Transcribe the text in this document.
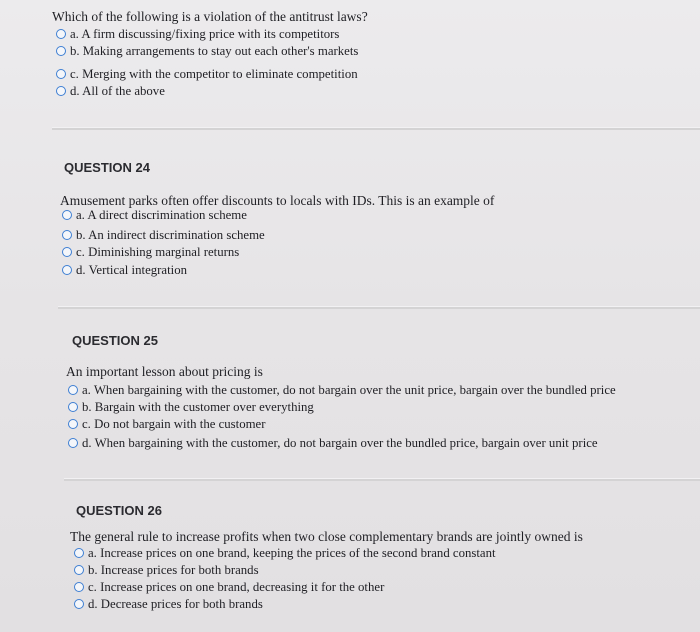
Which of the following is a violation of the antitrust laws?
a. A firm discussing/fixing price with its competitors
b. Making arrangements to stay out each other's markets
c. Merging with the competitor to eliminate competition
d. All of the above
QUESTION 24
Amusement parks often offer discounts to locals with IDs. This is an example of
a. A direct discrimination scheme
b. An indirect discrimination scheme
c. Diminishing marginal returns
d. Vertical integration
QUESTION 25
An important lesson about pricing is
a. When bargaining with the customer, do not bargain over the unit price, bargain over the bundled price
b. Bargain with the customer over everything
c. Do not bargain with the customer
d. When bargaining with the customer, do not bargain over the bundled price, bargain over unit price
QUESTION 26
The general rule to increase profits when two close complementary brands are jointly owned is
a. Increase prices on one brand, keeping the prices of the second brand constant
b. Increase prices for both brands
c. Increase prices on one brand, decreasing it for the other
d. Decrease prices for both brands
